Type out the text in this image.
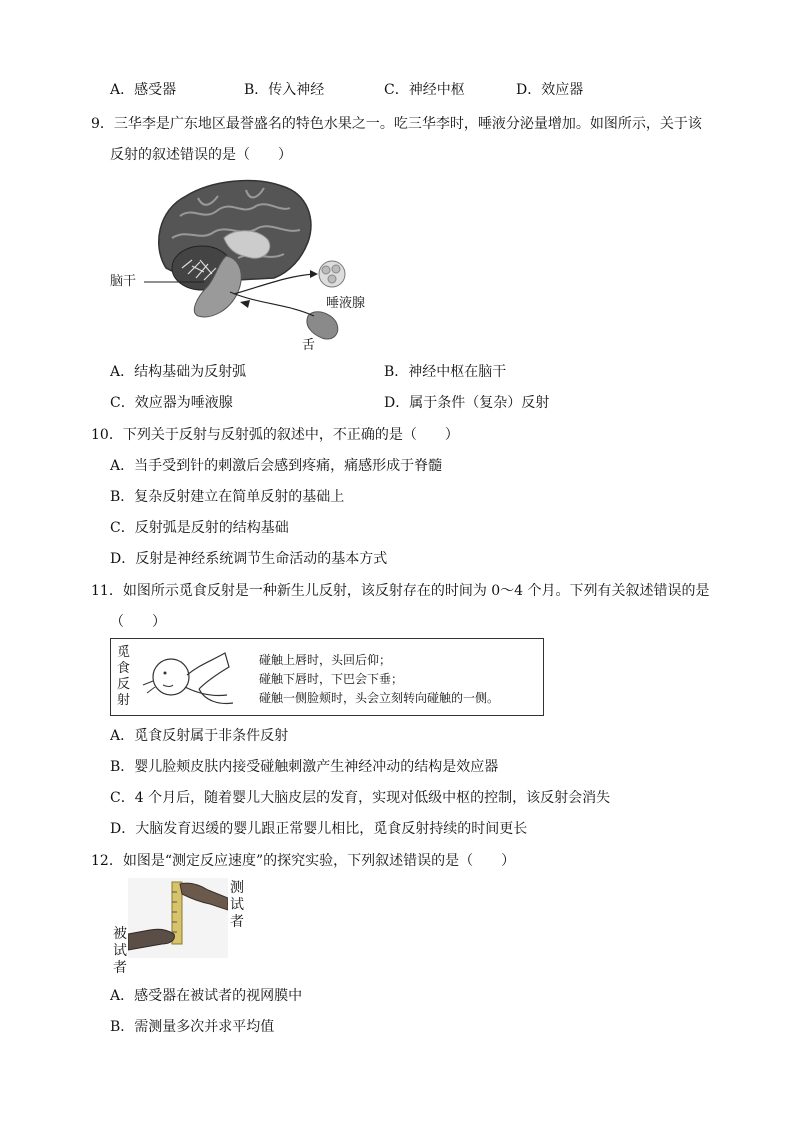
A．感受器	B．传入神经	C．神经中枢	D．效应器
9．三华李是广东地区最誉盛名的特色水果之一。吃三华李时，唾液分泌量增加。如图所示，关于该
反射的叙述错误的是（　　）
脑干
唾液腺
舌
A．结构基础为反射弧	B．神经中枢在脑干
C．效应器为唾液腺	D．属于条件（复杂）反射
10．下列关于反射与反射弧的叙述中，不正确的是（　　）
A．当手受到针的刺激后会感到疼痛，痛感形成于脊髓
B．复杂反射建立在简单反射的基础上
C．反射弧是反射的结构基础
D．反射是神经系统调节生命活动的基本方式
11．如图所示觅食反射是一种新生儿反射，该反射存在的时间为 0～4 个月。下列有关叙述错误的是
（　　）
觅食反射
碰触上唇时，头回后仰；
碰触下唇时，下巴会下垂；
碰触一侧脸颊时，头会立刻转向碰触的一侧。
A．觅食反射属于非条件反射
B．婴儿脸颊皮肤内接受碰触刺激产生神经冲动的结构是效应器
C．4 个月后，随着婴儿大脑皮层的发育，实现对低级中枢的控制，该反射会消失
D．大脑发育迟缓的婴儿跟正常婴儿相比，觅食反射持续的时间更长
12．如图是“测定反应速度”的探究实验，下列叙述错误的是（　　）
测试者
被试者
A．感受器在被试者的视网膜中
B．需测量多次并求平均值
